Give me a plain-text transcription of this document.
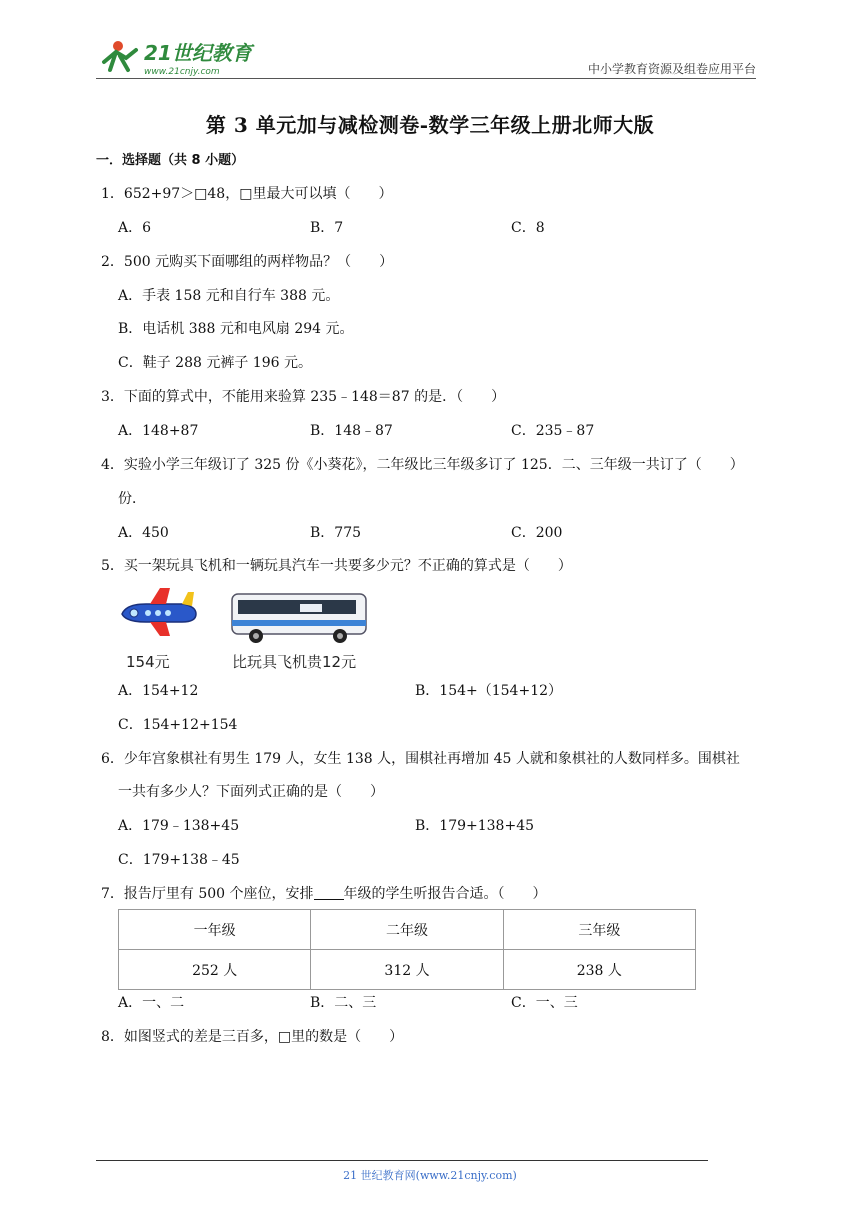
21世纪教育
www.21cnjy.com	中小学教育资源及组卷应用平台
第 3 单元加与减检测卷-数学三年级上册北师大版
一．选择题（共 8 小题）
1．652+97＞□48，□里最大可以填（　　）
A．6	B．7	C．8
2．500 元购买下面哪组的两样物品？（　　）
A．手表 158 元和自行车 388 元。
B．电话机 388 元和电风扇 294 元。
C．鞋子 288 元裤子 196 元。
3．下面的算式中，不能用来验算 235﹣148＝87 的是．（　　）
A．148+87	B．148﹣87	C．235﹣87
4．实验小学三年级订了 325 份《小葵花》，二年级比三年级多订了 125．二、三年级一共订了（　　）
份．
A．450	B．775	C．200
5．买一架玩具飞机和一辆玩具汽车一共要多少元？不正确的算式是（　　）
154元	比玩具飞机贵12元
A．154+12	B．154+（154+12）
C．154+12+154
6．少年宫象棋社有男生 179 人，女生 138 人，围棋社再增加 45 人就和象棋社的人数同样多。围棋社
一共有多少人？下面列式正确的是（　　）
A．179﹣138+45	B．179+138+45
C．179+138﹣45
7．报告厅里有 500 个座位，安排 年级的学生听报告合适。（　　）
一年级	二年级	三年级
252 人	312 人	238 人
A．一、二	B．二、三	C．一、三
8．如图竖式的差是三百多，□里的数是（　　）
21 世纪教育网(www.21cnjy.com)
